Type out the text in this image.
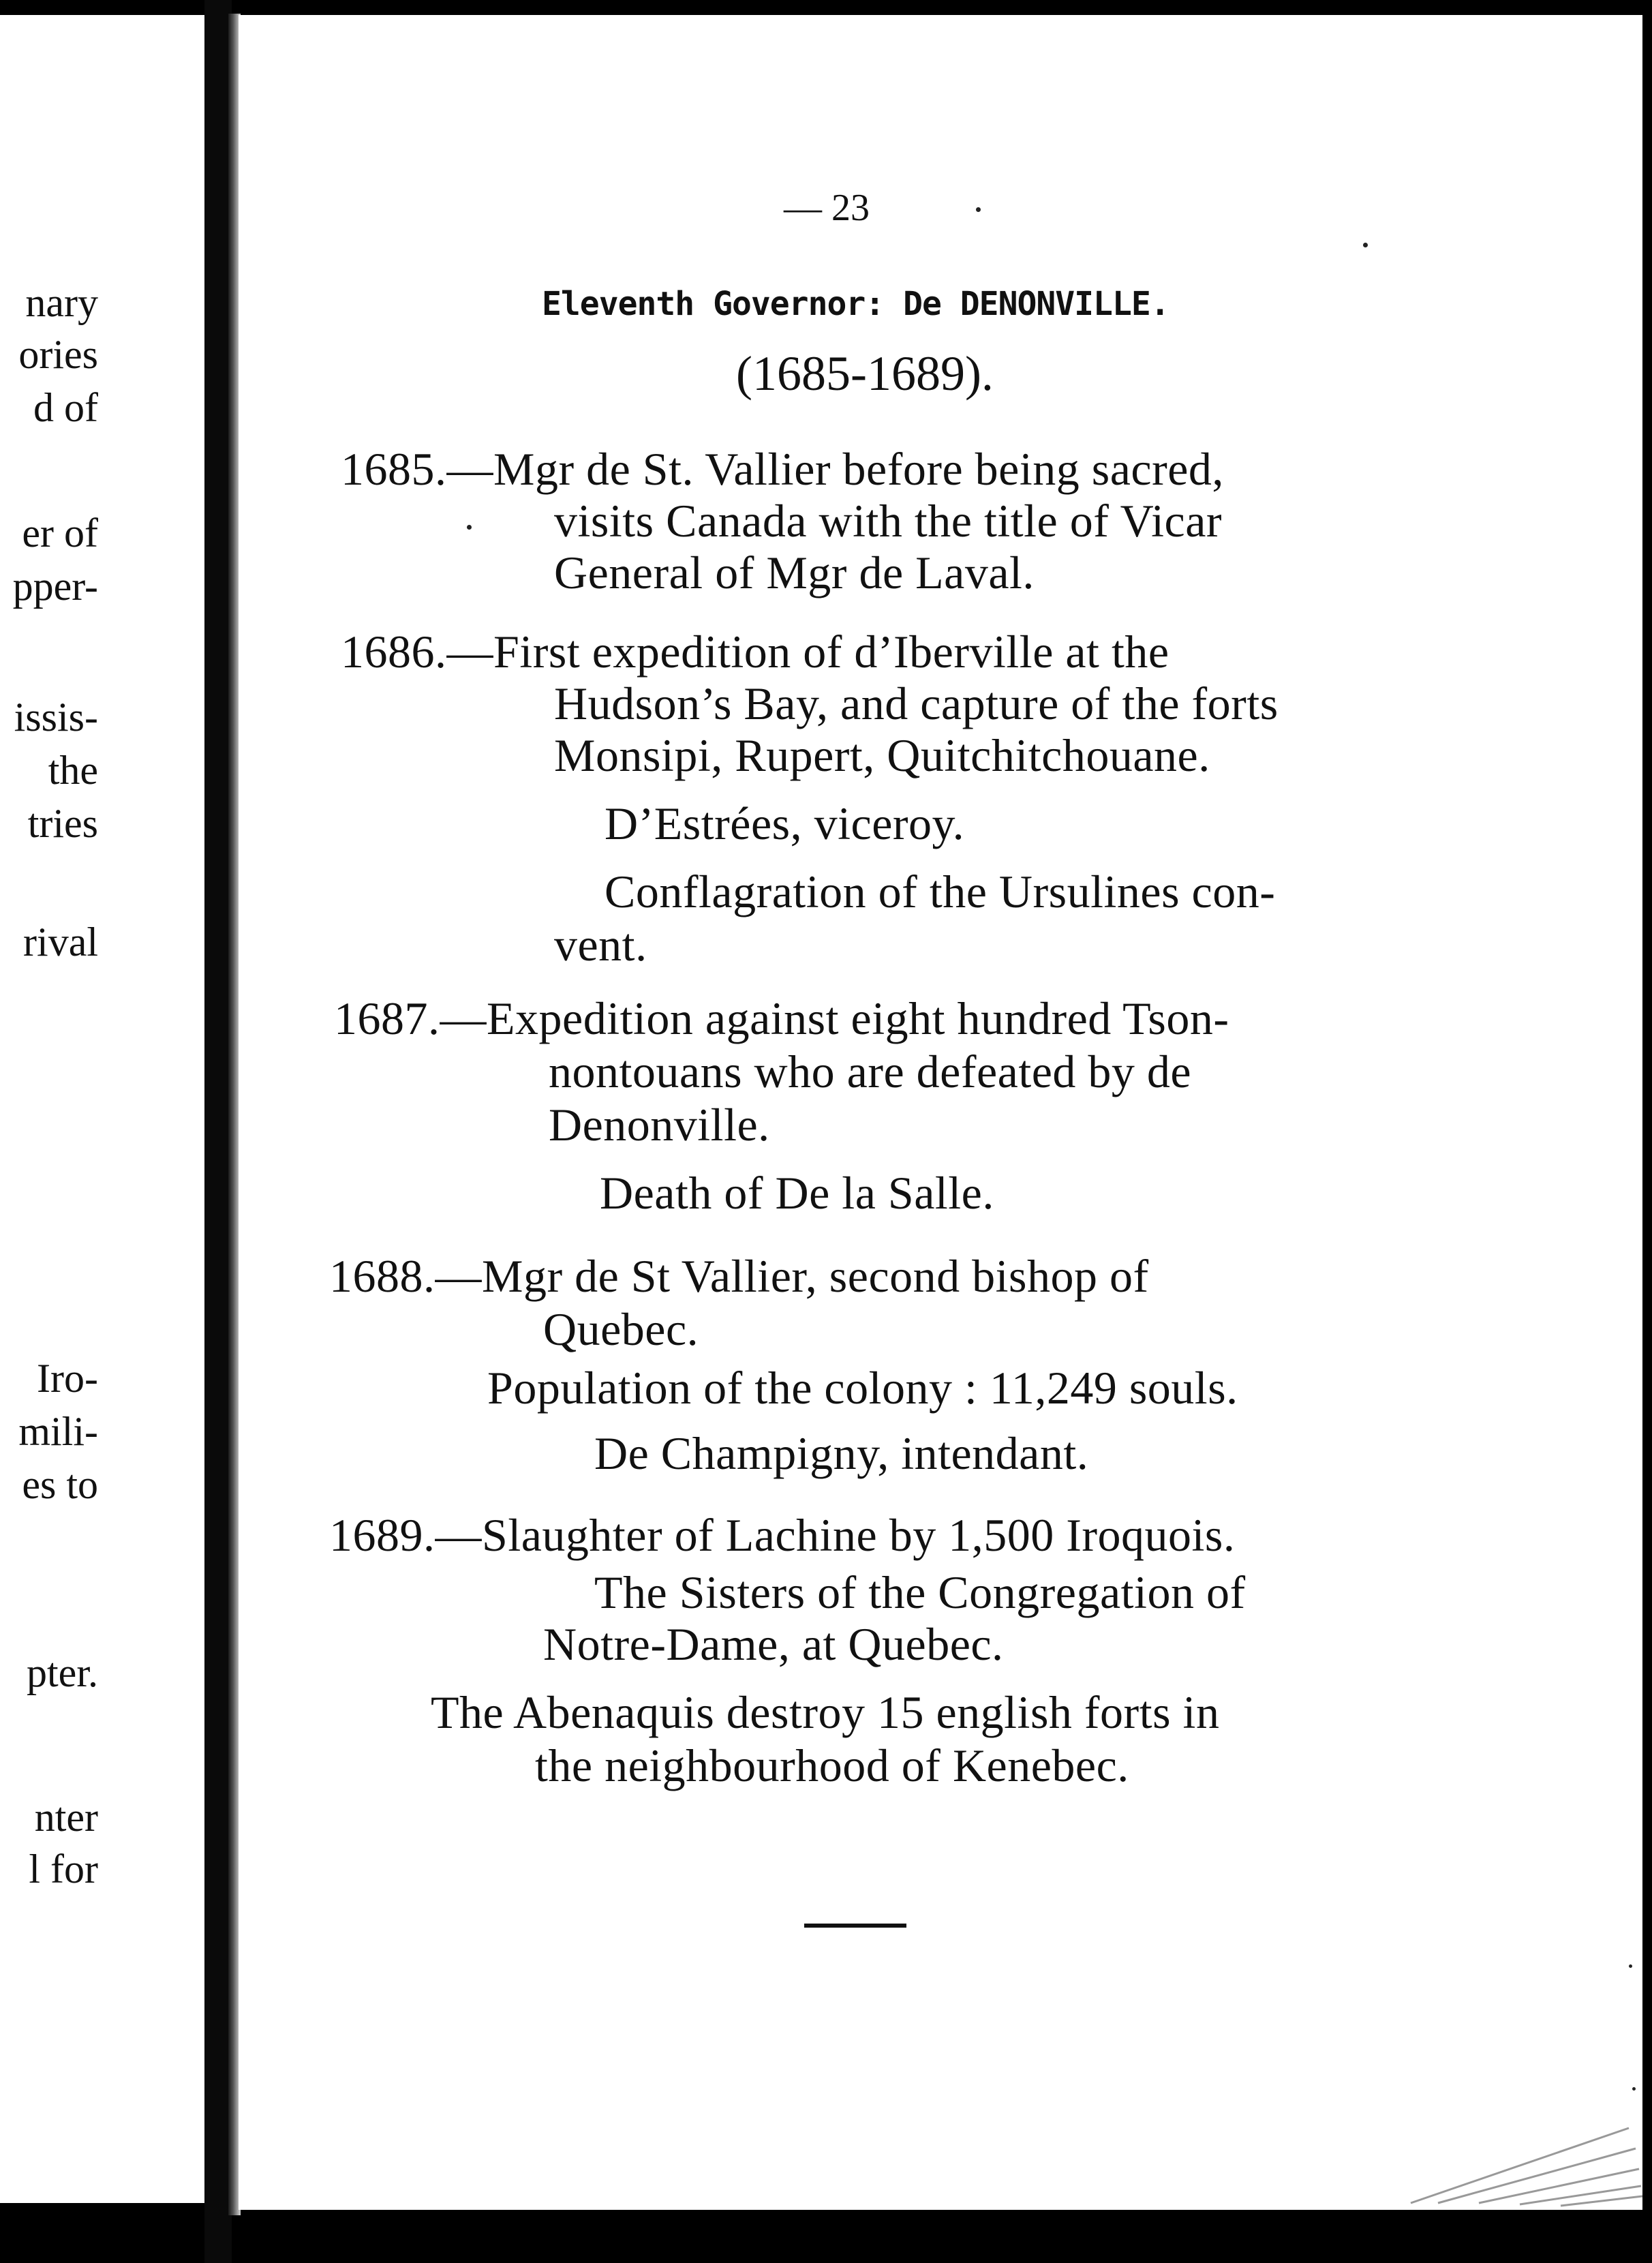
nary
ories
d of
er of
pper-
issis-
the
tries
rival
Iro-
mili-
es to
pter.
nter
l for
— 23
Eleventh Governor: De DENONVILLE.
(1685-1689).
1685.—Mgr de St. Vallier before being sacred,
visits Canada with the title of Vicar
General of Mgr de Laval.
1686.—First expedition of d’Iberville at the
Hudson’s Bay, and capture of the forts
Monsipi, Rupert, Quitchitchouane.
D’Estrées, viceroy.
Conflagration of the Ursulines con-
vent.
1687.—Expedition against eight hundred Tson-
nontouans who are defeated by de
Denonville.
Death of De la Salle.
1688.—Mgr de St Vallier, second bishop of
Quebec.
Population of the colony : 11,249 souls.
De Champigny, intendant.
1689.—Slaughter of Lachine by 1,500 Iroquois.
The Sisters of the Congregation of
Notre-Dame, at Quebec.
The Abenaquis destroy 15 english forts in
the neighbourhood of Kenebec.
